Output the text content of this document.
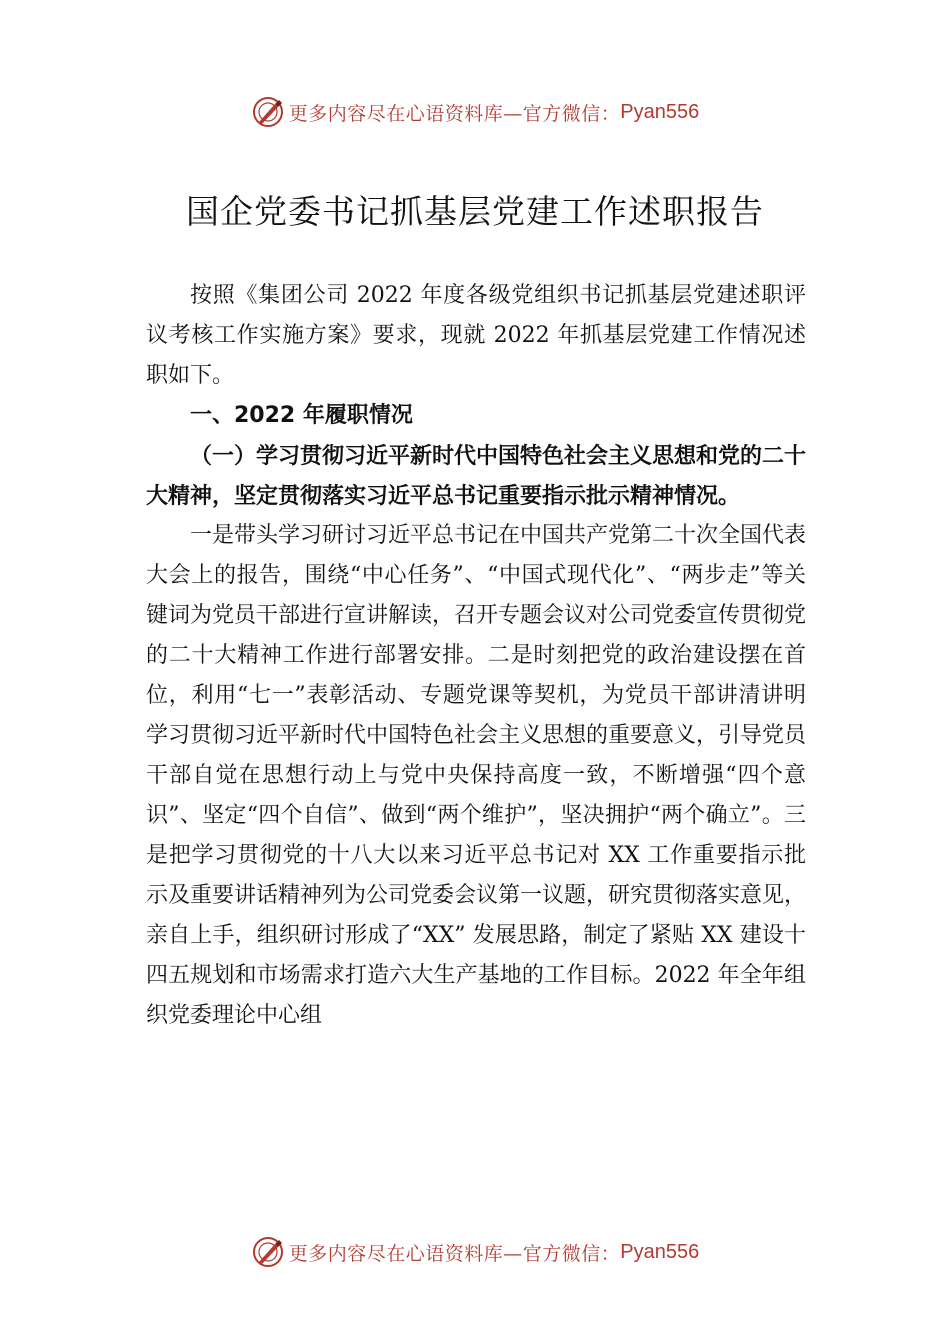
更多内容尽在心语资料库—官方微信： Pyan556
国企党委书记抓基层党建工作述职报告

按照《集团公司 2022 年度各级党组织书记抓基层党建述职评议考核工作实施方案》要求，现就 2022 年抓基层党建工作情况述职如下。

一、2022 年履职情况

（一）学习贯彻习近平新时代中国特色社会主义思想和党的二十大精神，坚定贯彻落实习近平总书记重要指示批示精神情况。

一是带头学习研讨习近平总书记在中国共产党第二十次全国代表大会上的报告，围绕“中心任务”、“中国式现代化”、“两步走”等关键词为党员干部进行宣讲解读，召开专题会议对公司党委宣传贯彻党的二十大精神工作进行部署安排。二是时刻把党的政治建设摆在首位，利用“七一”表彰活动、专题党课等契机，为党员干部讲清讲明学习贯彻习近平新时代中国特色社会主义思想的重要意义，引导党员干部自觉在思想行动上与党中央保持高度一致，不断增强“四个意识”、坚定“四个自信”、做到“两个维护”，坚决拥护“两个确立”。三是把学习贯彻党的十八大以来习近平总书记对 XX 工作重要指示批示及重要讲话精神列为公司党委会议第一议题，研究贯彻落实意见，亲自上手，组织研讨形成了“XX” 发展思路，制定了紧贴 XX 建设十四五规划和市场需求打造六大生产基地的工作目标。2022 年全年组织党委理论中心组

更多内容尽在心语资料库—官方微信： Pyan556
